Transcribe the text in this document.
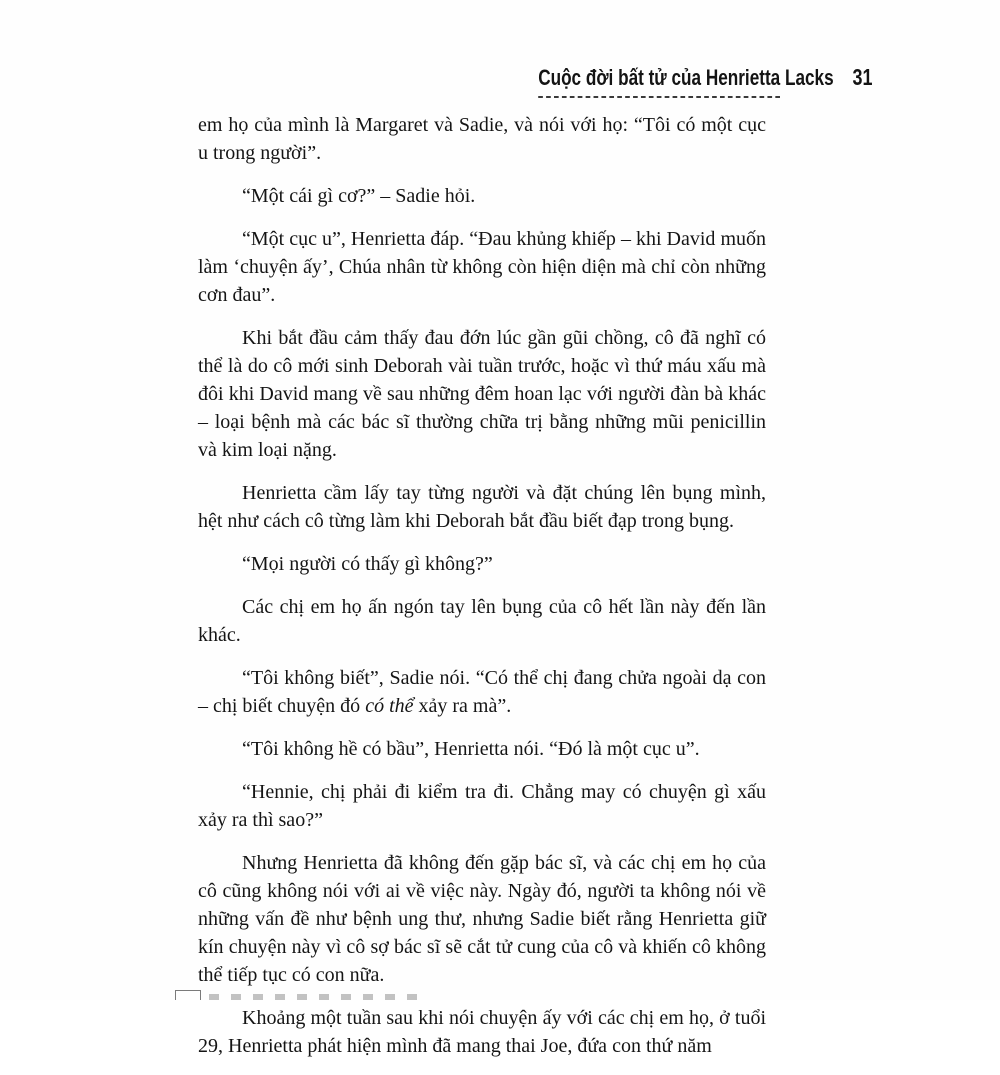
Cuộc đời bất tử của Henrietta Lacks 31

em họ của mình là Margaret và Sadie, và nói với họ: “Tôi có một cục u trong người”.

“Một cái gì cơ?” – Sadie hỏi.

“Một cục u”, Henrietta đáp. “Đau khủng khiếp – khi David muốn làm ‘chuyện ấy’, Chúa nhân từ không còn hiện diện mà chỉ còn những cơn đau”.

Khi bắt đầu cảm thấy đau đớn lúc gần gũi chồng, cô đã nghĩ có thể là do cô mới sinh Deborah vài tuần trước, hoặc vì thứ máu xấu mà đôi khi David mang về sau những đêm hoan lạc với người đàn bà khác – loại bệnh mà các bác sĩ thường chữa trị bằng những mũi penicillin và kim loại nặng.

Henrietta cầm lấy tay từng người và đặt chúng lên bụng mình, hệt như cách cô từng làm khi Deborah bắt đầu biết đạp trong bụng.

“Mọi người có thấy gì không?”

Các chị em họ ấn ngón tay lên bụng của cô hết lần này đến lần khác.

“Tôi không biết”, Sadie nói. “Có thể chị đang chửa ngoài dạ con – chị biết chuyện đó có thể xảy ra mà”.

“Tôi không hề có bầu”, Henrietta nói. “Đó là một cục u”.

“Hennie, chị phải đi kiểm tra đi. Chẳng may có chuyện gì xấu xảy ra thì sao?”

Nhưng Henrietta đã không đến gặp bác sĩ, và các chị em họ của cô cũng không nói với ai về việc này. Ngày đó, người ta không nói về những vấn đề như bệnh ung thư, nhưng Sadie biết rằng Henrietta giữ kín chuyện này vì cô sợ bác sĩ sẽ cắt tử cung của cô và khiến cô không thể tiếp tục có con nữa.

Khoảng một tuần sau khi nói chuyện ấy với các chị em họ, ở tuổi 29, Henrietta phát hiện mình đã mang thai Joe, đứa con thứ năm
